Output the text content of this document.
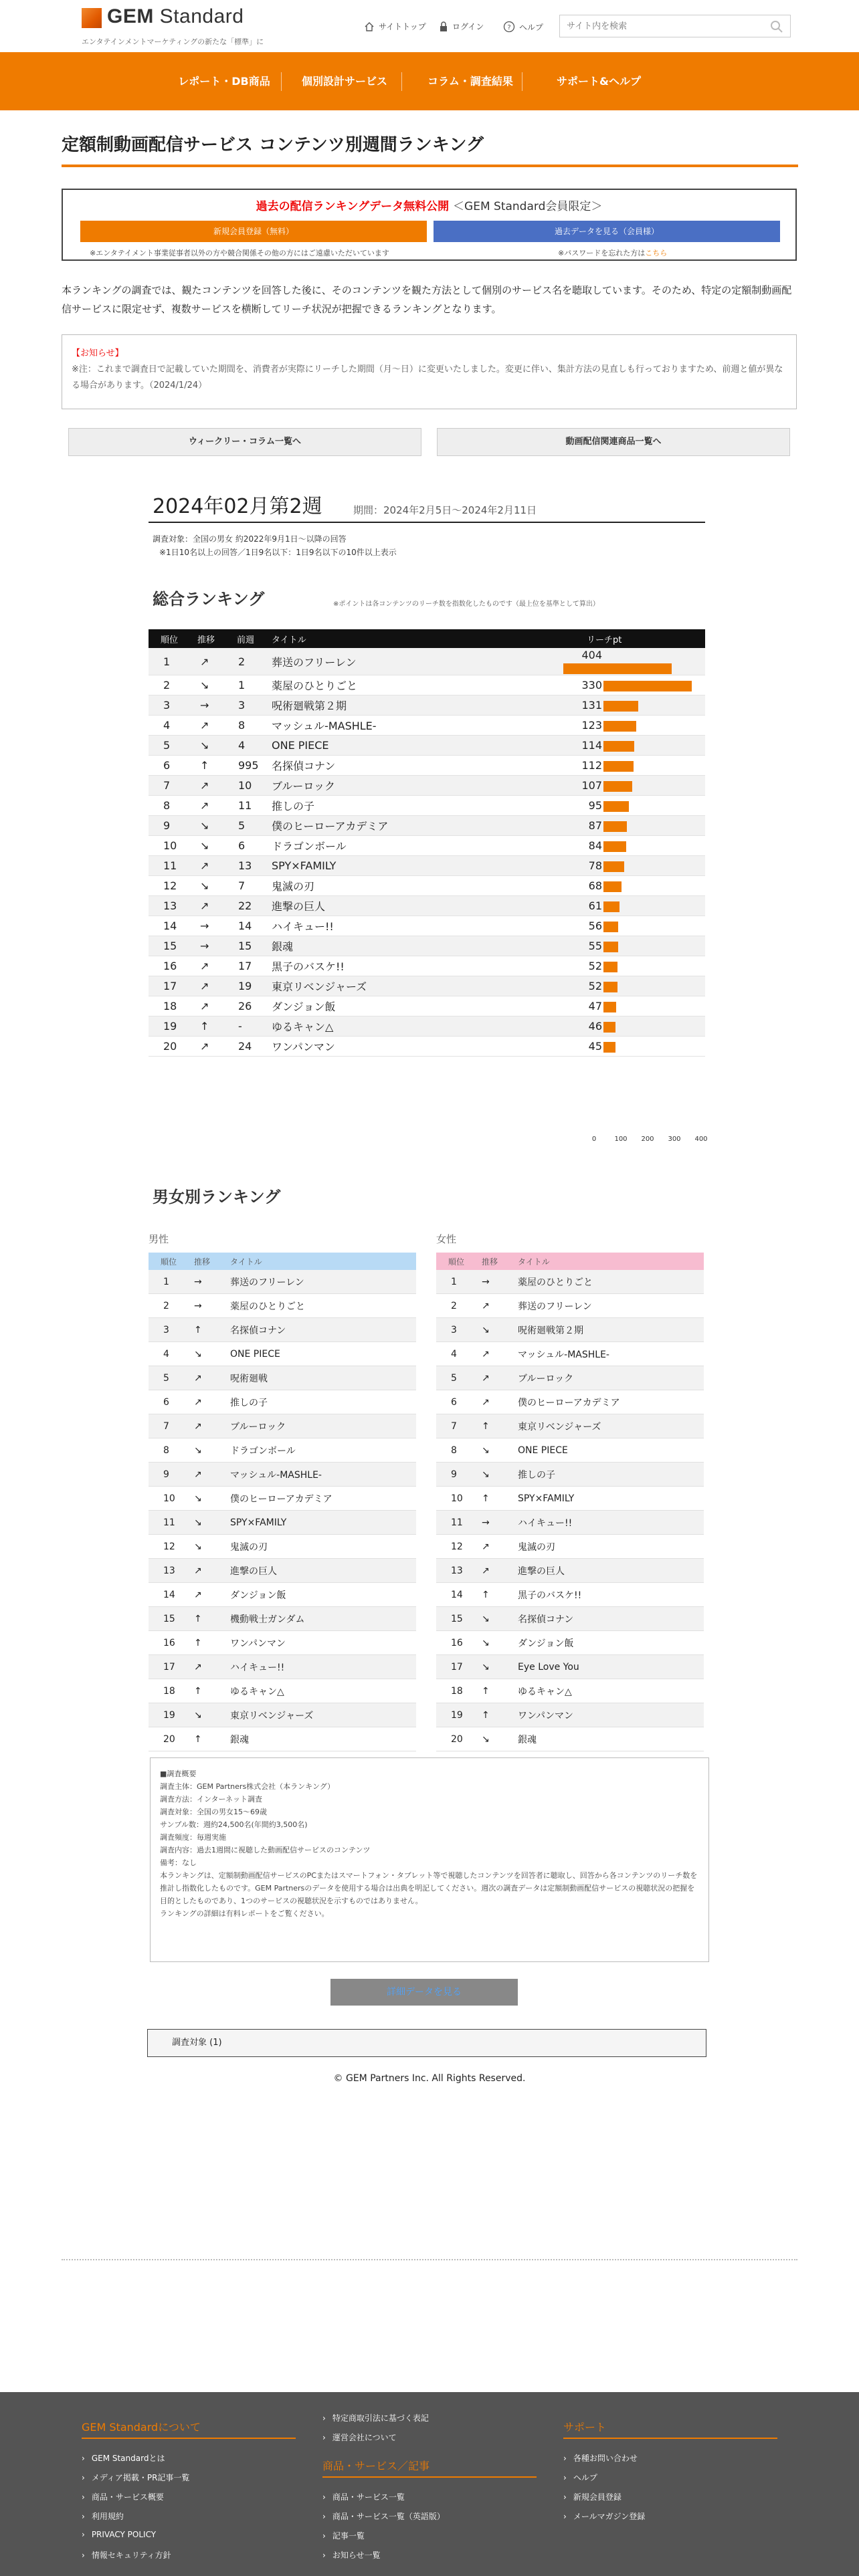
GEM Standard
エンタテインメントマーケティングの新たな「標準」に
サイトトップ	ログイン	? ヘルプ
サイト内を検索
レポート・DB商品	個別設計サービス	コラム・調査結果	サポート&ヘルプ
定額制動画配信サービス コンテンツ別週間ランキング
過去の配信ランキングデータ無料公開 ＜GEM Standard会員限定＞
新規会員登録（無料）	過去データを見る（会員様）
※エンタテイメント事業従事者以外の方や競合関係その他の方にはご遠慮いただいています	※パスワードを忘れた方はこちら
本ランキングの調査では、観たコンテンツを回答した後に、そのコンテンツを観た方法として個別のサービス名を聴取しています。そのため、特定の定額制動画配信サービスに限定せず、複数サービスを横断してリーチ状況が把握できるランキングとなります。
【お知らせ】
※注：これまで調査日で記載していた期間を、消費者が実際にリーチした期間（月〜日）に変更いたしました。変更に伴い、集計方法の見直しも行っておりますため、前週と値が異なる場合があります。（2024/1/24）
ウィークリー・コラム一覧へ	動画配信関連商品一覧へ
2024年02月第2週	期間：2024年2月5日〜2024年2月11日
調査対象：全国の男女 約2022年9月1日〜以降の回答
※1日10名以上の回答／1日9名以下：1日9名以下の10件以上表示
総合ランキング	※ポイントは各コンテンツのリーチ数を指数化したものです（最上位を基準として算出）
順位	推移	前週	タイトル	リーチpt
1	↗	2	葬送のフリーレン	404
2	↘	1	薬屋のひとりごと	330
3	→	3	呪術廻戦第２期	131
4	↗	8	マッシュル-MASHLE-	123
5	↘	4	ONE PIECE	114
6	↑	995	名探偵コナン	112
7	↗	10	ブルーロック	107
8	↗	11	推しの子	95
9	↘	5	僕のヒーローアカデミア	87
10	↘	6	ドラゴンボール	84
11	↗	13	SPY×FAMILY	78
12	↘	7	鬼滅の刃	68
13	↗	22	進撃の巨人	61
14	→	14	ハイキュー!!	56
15	→	15	銀魂	55
16	↗	17	黒子のバスケ!!	52
17	↗	19	東京リベンジャーズ	52
18	↗	26	ダンジョン飯	47
19	↑	-	ゆるキャン△	46
20	↗	24	ワンパンマン	45
0	100 200 300 400
男女別ランキング
男性	女性
順位	推移	タイトル
1	→	葬送のフリーレン
2	→	薬屋のひとりごと
3	↑	名探偵コナン
4	↘	ONE PIECE
5	↗	呪術廻戦
6	↗	推しの子
7	↗	ブルーロック
8	↘	ドラゴンボール
9	↗	マッシュル-MASHLE-
10	↘	僕のヒーローアカデミア
11	↘	SPY×FAMILY
12	↘	鬼滅の刃
13	↗	進撃の巨人
14	↗	ダンジョン飯
15	↑	機動戦士ガンダム
16	↑	ワンパンマン
17	↗	ハイキュー!!
18	↑	ゆるキャン△
19	↘	東京リベンジャーズ
20	↑	銀魂
順位	推移	タイトル
1	→	薬屋のひとりごと
2	↗	葬送のフリーレン
3	↘	呪術廻戦第２期
4	↗	マッシュル-MASHLE-
5	↗	ブルーロック
6	↗	僕のヒーローアカデミア
7	↑	東京リベンジャーズ
8	↘	ONE PIECE
9	↘	推しの子
10	↑	SPY×FAMILY
11	→	ハイキュー!!
12	↗	鬼滅の刃
13	↗	進撃の巨人
14	↑	黒子のバスケ!!
15	↘	名探偵コナン
16	↘	ダンジョン飯
17	↘	Eye Love You
18	↑	ゆるキャン△
19	↑	ワンパンマン
20	↘	銀魂
■調査概要
調査主体：GEM Partners株式会社（本ランキング）
調査方法：インターネット調査
調査対象：全国の男女15〜69歳
サンプル数：週約24,500名(年間約3,500名)
調査頻度：毎週実施
調査内容：過去1週間に視聴した動画配信サービスのコンテンツ
備考：なし
本ランキングは、定額制動画配信サービスのPCまたはスマートフォン・タブレット等で視聴したコンテンツを回答者に聴取し、回答から各コンテンツのリーチ数を推計し指数化したものです。GEM Partnersのデータを使用する場合は出典を明記してください。週次の調査データは定額制動画配信サービスの視聴状況の把握を目的としたものであり、1つのサービスの視聴状況を示すものではありません。
ランキングの詳細は有料レポートをご覧ください。
詳細データを見る
調査対象 (1)
© GEM Partners Inc. All Rights Reserved.
GEM Standardについて
› GEM Standardとは
› メディア掲載・PR記事一覧
› 商品・サービス概要
› 利用規約
› PRIVACY POLICY
› 情報セキュリティ方針
› 特定商取引法に基づく表記
› 運営会社について
商品・サービス／記事
› 商品・サービス一覧
› 商品・サービス一覧（英語版）
› 記事一覧
› お知らせ一覧
サポート
› 各種お問い合わせ
› ヘルプ
› 新規会員登録
› メールマガジン登録
